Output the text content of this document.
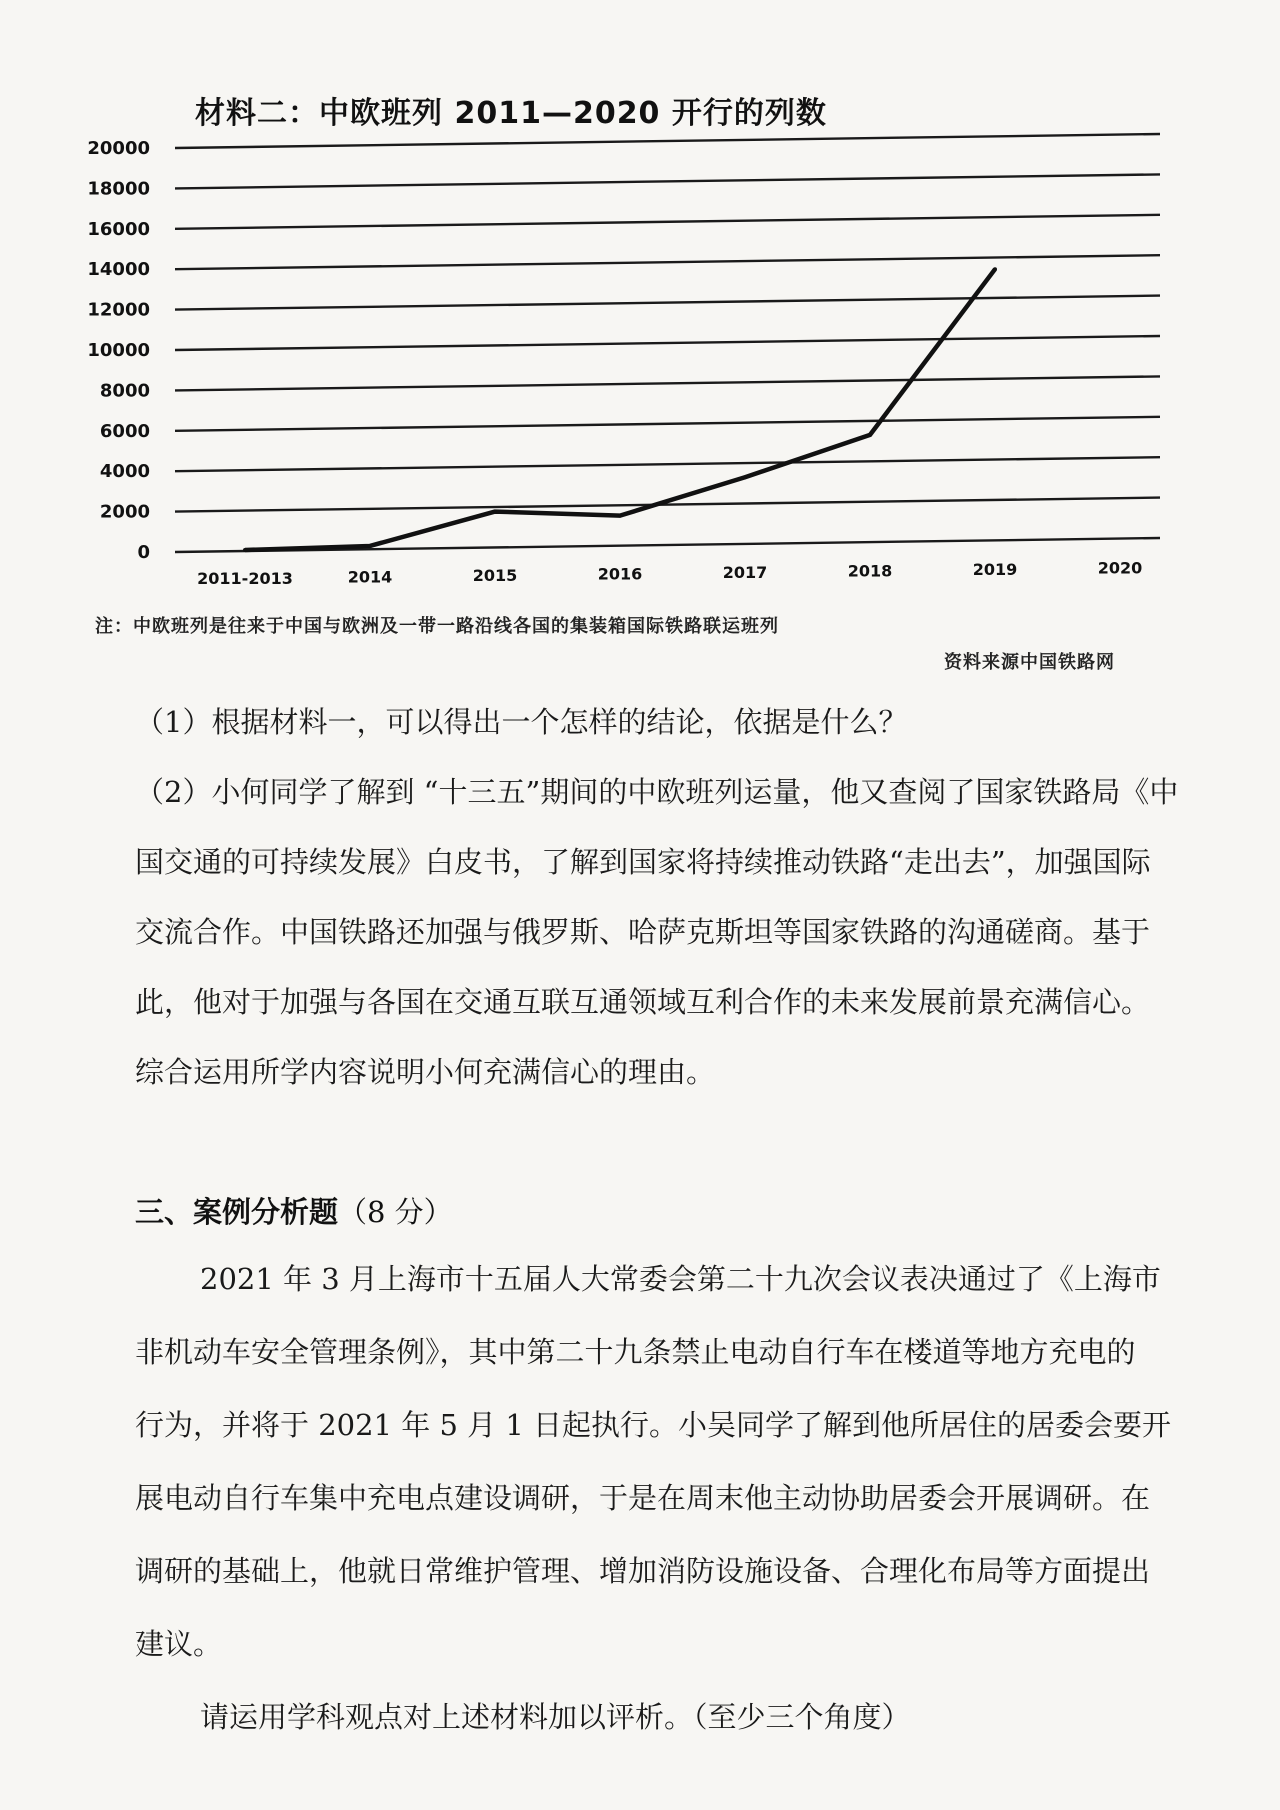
材料二：中欧班列 2011—2020 开行的列数
20000
18000
16000
14000
12000
10000
8000
6000
4000
2000
0
2011-2013	2014	2015	2016	2017	2018	2019	2020
注：中欧班列是往来于中国与欧洲及一带一路沿线各国的集装箱国际铁路联运班列
资料来源中国铁路网
（1）根据材料一，可以得出一个怎样的结论，依据是什么？
（2）小何同学了解到 “十三五”期间的中欧班列运量，他又查阅了国家铁路局《中
国交通的可持续发展》白皮书，了解到国家将持续推动铁路“走出去”，加强国际
交流合作。中国铁路还加强与俄罗斯、哈萨克斯坦等国家铁路的沟通磋商。基于
此，他对于加强与各国在交通互联互通领域互利合作的未来发展前景充满信心。
综合运用所学内容说明小何充满信心的理由。
三、案例分析题（8 分）
2021 年 3 月上海市十五届人大常委会第二十九次会议表决通过了《上海市
非机动车安全管理条例》，其中第二十九条禁止电动自行车在楼道等地方充电的
行为，并将于 2021 年 5 月 1 日起执行。小吴同学了解到他所居住的居委会要开
展电动自行车集中充电点建设调研，于是在周末他主动协助居委会开展调研。在
调研的基础上，他就日常维护管理、增加消防设施设备、合理化布局等方面提出
建议。
请运用学科观点对上述材料加以评析。（至少三个角度）
